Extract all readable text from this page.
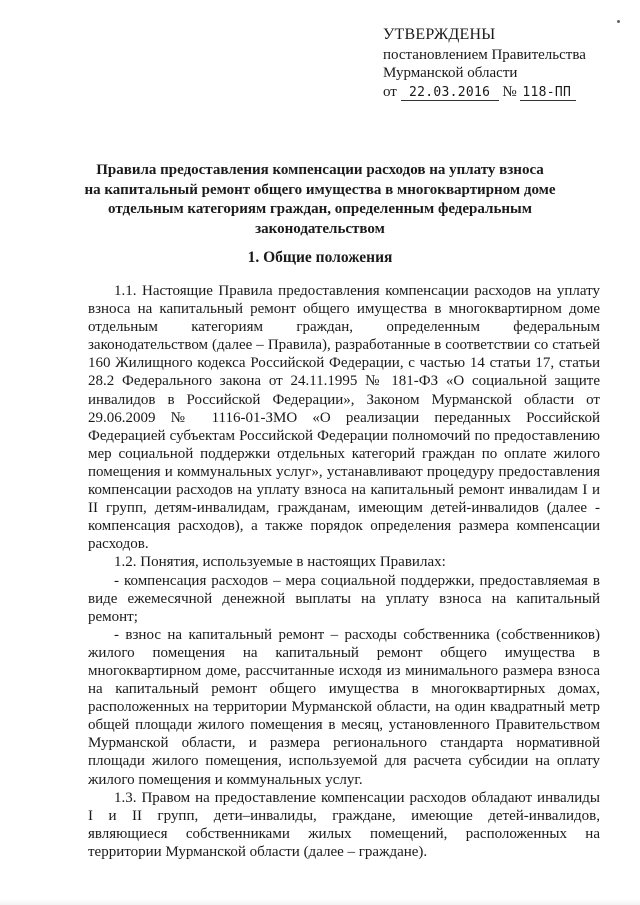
УТВЕРЖДЕНЫ
постановлением Правительства
Мурманской области
от 22.03.2016 № 118-ПП
Правила предоставления компенсации расходов на уплату взноса
на капитальный ремонт общего имущества в многоквартирном доме
отдельным категориям граждан, определенным федеральным
законодательством
1. Общие положения

1.1. Настоящие Правила предоставления компенсации расходов на уплату взноса на капитальный ремонт общего имущества в многоквартирном доме отдельным категориям граждан, определенным федеральным законодательством (далее – Правила), разработанные в соответствии со статьей 160 Жилищного кодекса Российской Федерации, с частью 14 статьи 17, статьи 28.2 Федерального закона от 24.11.1995 № 181-ФЗ «О социальной защите инвалидов в Российской Федерации», Законом Мурманской области от 29.06.2009 № 1116-01-ЗМО «О реализации переданных Российской Федерацией субъектам Российской Федерации полномочий по предоставлению мер социальной поддержки отдельных категорий граждан по оплате жилого помещения и коммунальных услуг», устанавливают процедуру предоставления компенсации расходов на уплату взноса на капитальный ремонт инвалидам I и II групп, детям-инвалидам, гражданам, имеющим детей-инвалидов (далее - компенсация расходов), а также порядок определения размера компенсации расходов.

1.2. Понятия, используемые в настоящих Правилах:

- компенсация расходов – мера социальной поддержки, предоставляемая в виде ежемесячной денежной выплаты на уплату взноса на капитальный ремонт;

- взнос на капитальный ремонт – расходы собственника (собственников) жилого помещения на капитальный ремонт общего имущества в многоквартирном доме, рассчитанные исходя из минимального размера взноса на капитальный ремонт общего имущества в многоквартирных домах, расположенных на территории Мурманской области, на один квадратный метр общей площади жилого помещения в месяц, установленного Правительством Мурманской области, и размера регионального стандарта нормативной площади жилого помещения, используемой для расчета субсидии на оплату жилого помещения и коммунальных услуг.

1.3. Правом на предоставление компенсации расходов обладают инвалиды I и II групп, дети–инвалиды, граждане, имеющие детей-инвалидов, являющиеся собственниками жилых помещений, расположенных на территории Мурманской области (далее – граждане).
